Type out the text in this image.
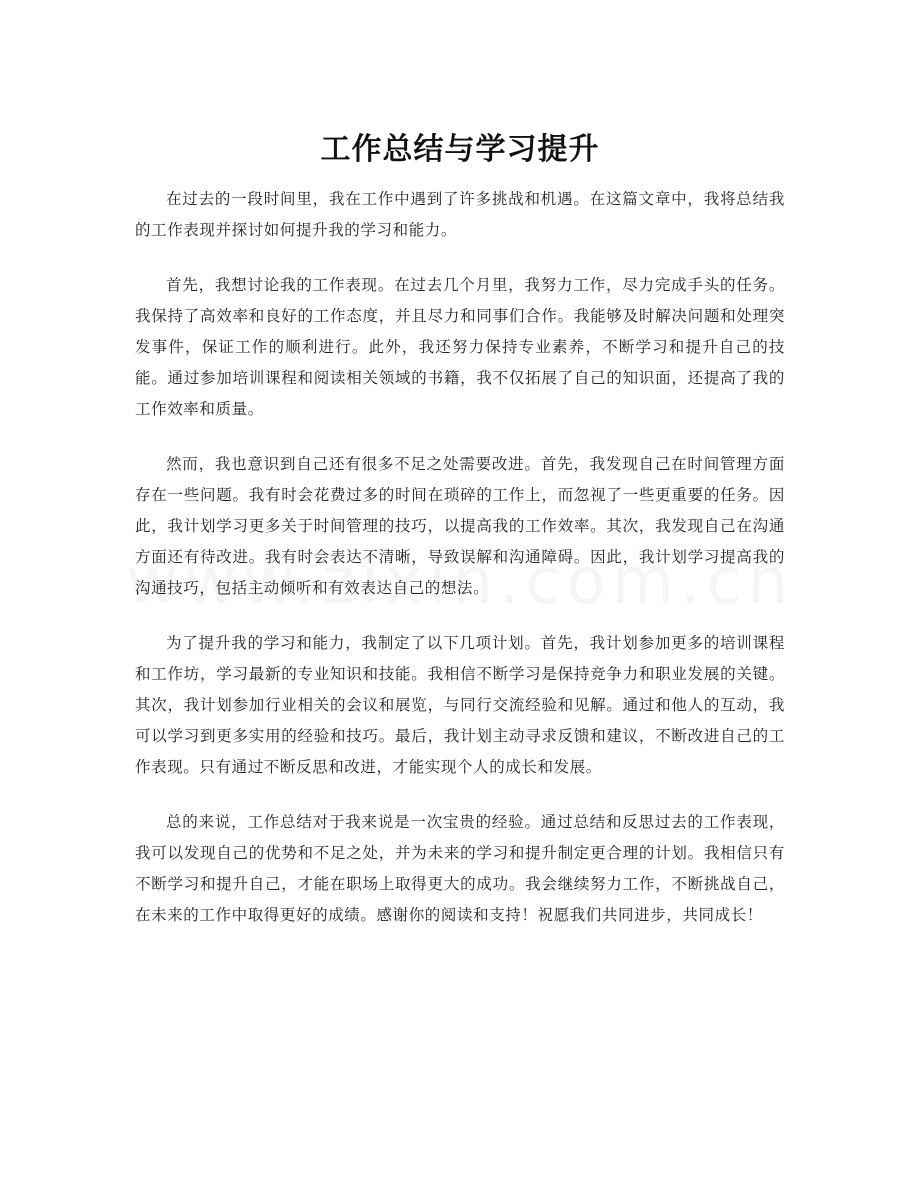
工作总结与学习提升

在过去的一段时间里，我在工作中遇到了许多挑战和机遇。在这篇文章中，我将总结我的工作表现并探讨如何提升我的学习和能力。

首先，我想讨论我的工作表现。在过去几个月里，我努力工作，尽力完成手头的任务。我保持了高效率和良好的工作态度，并且尽力和同事们合作。我能够及时解决问题和处理突发事件，保证工作的顺利进行。此外，我还努力保持专业素养，不断学习和提升自己的技能。通过参加培训课程和阅读相关领域的书籍，我不仅拓展了自己的知识面，还提高了我的工作效率和质量。

然而，我也意识到自己还有很多不足之处需要改进。首先，我发现自己在时间管理方面存在一些问题。我有时会花费过多的时间在琐碎的工作上，而忽视了一些更重要的任务。因此，我计划学习更多关于时间管理的技巧，以提高我的工作效率。其次，我发现自己在沟通方面还有待改进。我有时会表达不清晰，导致误解和沟通障碍。因此，我计划学习提高我的沟通技巧，包括主动倾听和有效表达自己的想法。

为了提升我的学习和能力，我制定了以下几项计划。首先，我计划参加更多的培训课程和工作坊，学习最新的专业知识和技能。我相信不断学习是保持竞争力和职业发展的关键。其次，我计划参加行业相关的会议和展览，与同行交流经验和见解。通过和他人的互动，我可以学习到更多实用的经验和技巧。最后，我计划主动寻求反馈和建议，不断改进自己的工作表现。只有通过不断反思和改进，才能实现个人的成长和发展。

总的来说，工作总结对于我来说是一次宝贵的经验。通过总结和反思过去的工作表现，我可以发现自己的优势和不足之处，并为未来的学习和提升制定更合理的计划。我相信只有不断学习和提升自己，才能在职场上取得更大的成功。我会继续努力工作，不断挑战自己，在未来的工作中取得更好的成绩。感谢你的阅读和支持！祝愿我们共同进步，共同成长！
